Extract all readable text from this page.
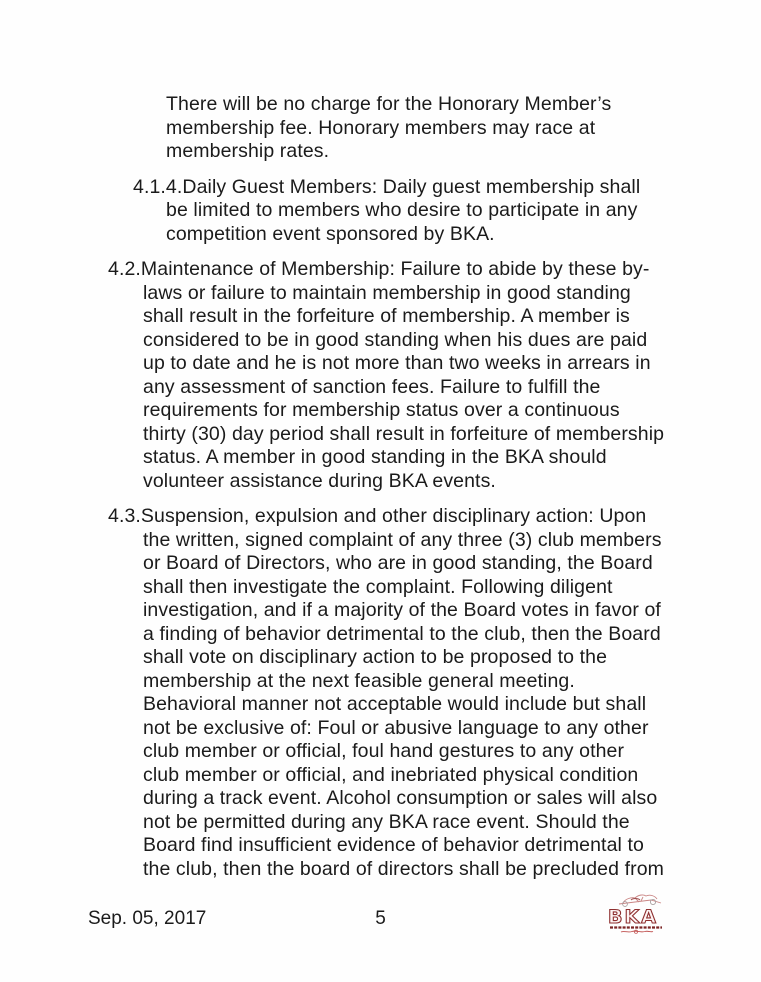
There will be no charge for the Honorary Member’s
membership fee. Honorary members may race at
membership rates.
4.1.4.Daily Guest Members: Daily guest membership shall
be limited to members who desire to participate in any
competition event sponsored by BKA.
4.2.Maintenance of Membership: Failure to abide by these by-
laws or failure to maintain membership in good standing
shall result in the forfeiture of membership. A member is
considered to be in good standing when his dues are paid
up to date and he is not more than two weeks in arrears in
any assessment of sanction fees. Failure to fulfill the
requirements for membership status over a continuous
thirty (30) day period shall result in forfeiture of membership
status. A member in good standing in the BKA should
volunteer assistance during BKA events.
4.3.Suspension, expulsion and other disciplinary action: Upon
the written, signed complaint of any three (3) club members
or Board of Directors, who are in good standing, the Board
shall then investigate the complaint. Following diligent
investigation, and if a majority of the Board votes in favor of
a finding of behavior detrimental to the club, then the Board
shall vote on disciplinary action to be proposed to the
membership at the next feasible general meeting.
Behavioral manner not acceptable would include but shall
not be exclusive of: Foul or abusive language to any other
club member or official, foul hand gestures to any other
club member or official, and inebriated physical condition
during a track event. Alcohol consumption or sales will also
not be permitted during any BKA race event. Should the
Board find insufficient evidence of behavior detrimental to
the club, then the board of directors shall be precluded from
Sep. 05, 2017	5	BKA
